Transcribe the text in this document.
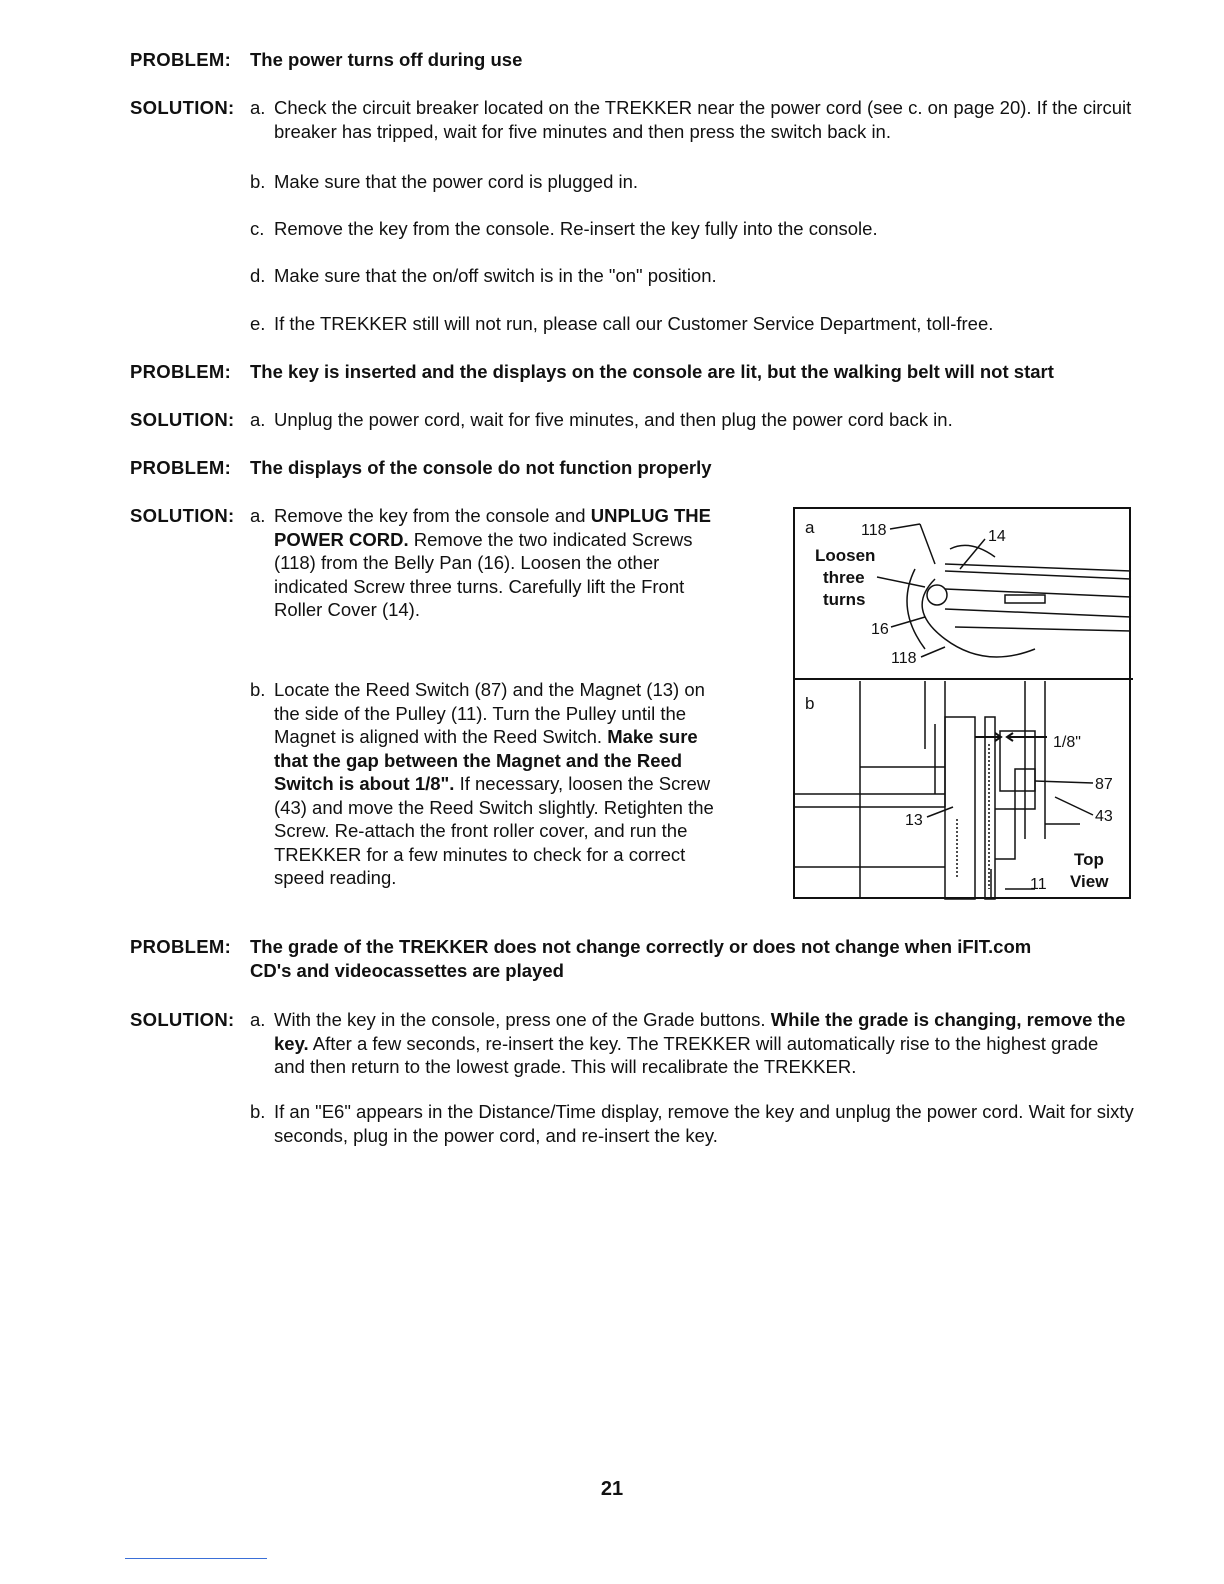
PROBLEM: The power turns off during use
SOLUTION: a. Check the circuit breaker located on the TREKKER near the power cord (see c. on page 20). If the circuit breaker has tripped, wait for five minutes and then press the switch back in.
b. Make sure that the power cord is plugged in.
c. Remove the key from the console. Re-insert the key fully into the console.
d. Make sure that the on/off switch is in the "on" position.
e. If the TREKKER still will not run, please call our Customer Service Department, toll-free.
PROBLEM: The key is inserted and the displays on the console are lit, but the walking belt will not start
SOLUTION: a. Unplug the power cord, wait for five minutes, and then plug the power cord back in.
PROBLEM: The displays of the console do not function properly
SOLUTION: a. Remove the key from the console and UNPLUG THE POWER CORD. Remove the two indicated Screws (118) from the Belly Pan (16). Loosen the other indicated Screw three turns. Carefully lift the Front Roller Cover (14).
b. Locate the Reed Switch (87) and the Magnet (13) on the side of the Pulley (11). Turn the Pulley until the Magnet is aligned with the Reed Switch. Make sure that the gap between the Magnet and the Reed Switch is about 1/8". If necessary, loosen the Screw (43) and move the Reed Switch slightly. Retighten the Screw. Re-attach the front roller cover, and run the TREKKER for a few minutes to check for a correct speed reading.
a	118	14
Loosen
three
turns
16
118
b
1/8"
87
43
13
11
Top
View
PROBLEM: The grade of the TREKKER does not change correctly or does not change when iFIT.com
CD's and videocassettes are played
SOLUTION: a. With the key in the console, press one of the Grade buttons. While the grade is changing, remove the key. After a few seconds, re-insert the key. The TREKKER will automatically rise to the highest grade and then return to the lowest grade. This will recalibrate the TREKKER.
b. If an "E6" appears in the Distance/Time display, remove the key and unplug the power cord. Wait for sixty seconds, plug in the power cord, and re-insert the key.
21
